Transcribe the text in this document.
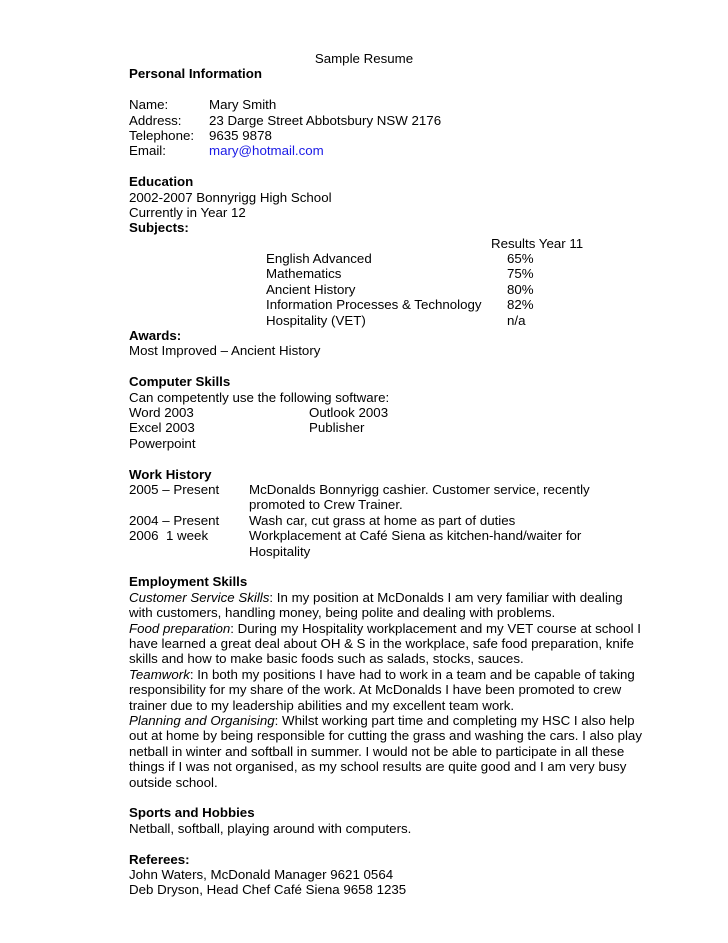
Sample Resume
Personal Information
Name:	Mary Smith
Address:	23 Darge Street Abbotsbury NSW 2176
Telephone:	9635 9878
Email:	mary@hotmail.com
Education
2002-2007 Bonnyrigg High School
Currently in Year 12
Subjects:
Results Year 11
English Advanced	65%
Mathematics	75%
Ancient History	80%
Information Processes & Technology	82%
Hospitality (VET)	n/a
Awards:
Most Improved – Ancient History
Computer Skills
Can competently use the following software:
Word 2003	Outlook 2003
Excel 2003	Publisher
Powerpoint
Work History
2005 – Present	McDonalds Bonnyrigg cashier. Customer service, recently promoted to Crew Trainer.
2004 – Present	Wash car, cut grass at home as part of duties
2006  1 week	Workplacement at Café Siena as kitchen-hand/waiter for Hospitality
Employment Skills
Customer Service Skills: In my position at McDonalds I am very familiar with dealing with customers, handling money, being polite and dealing with problems.
Food preparation: During my Hospitality workplacement and my VET course at school I have learned a great deal about OH & S in the workplace, safe food preparation, knife skills and how to make basic foods such as salads, stocks, sauces.
Teamwork: In both my positions I have had to work in a team and be capable of taking responsibility for my share of the work. At McDonalds I have been promoted to crew trainer due to my leadership abilities and my excellent team work.
Planning and Organising: Whilst working part time and completing my HSC I also help out at home by being responsible for cutting the grass and washing the cars. I also play netball in winter and softball in summer. I would not be able to participate in all these things if I was not organised, as my school results are quite good and I am very busy outside school.
Sports and Hobbies
Netball, softball, playing around with computers.
Referees:
John Waters, McDonald Manager 9621 0564
Deb Dryson, Head Chef Café Siena 9658 1235
